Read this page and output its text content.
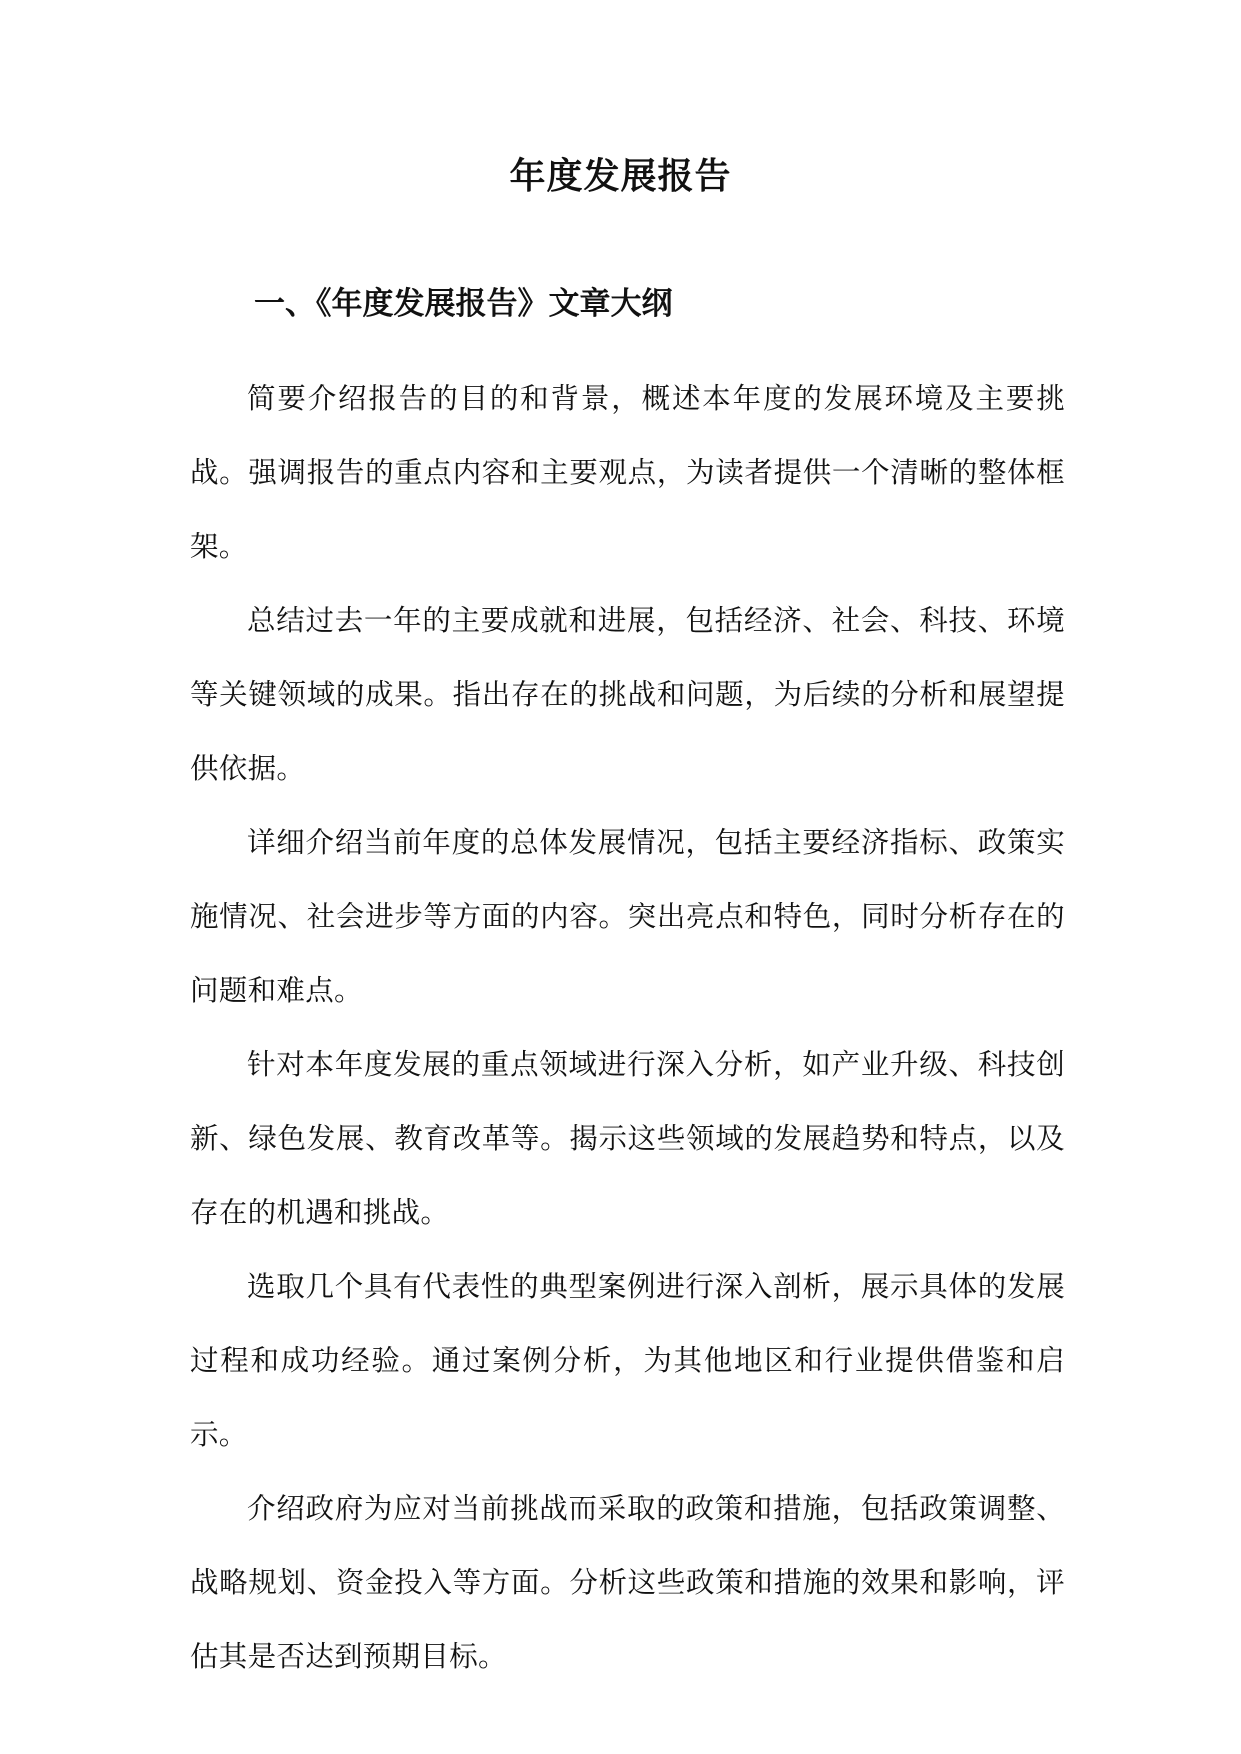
年度发展报告
一、《年度发展报告》文章大纲

简要介绍报告的目的和背景，概述本年度的发展环境及主要挑战。强调报告的重点内容和主要观点，为读者提供一个清晰的整体框架。

总结过去一年的主要成就和进展，包括经济、社会、科技、环境等关键领域的成果。指出存在的挑战和问题，为后续的分析和展望提供依据。

详细介绍当前年度的总体发展情况，包括主要经济指标、政策实施情况、社会进步等方面的内容。突出亮点和特色，同时分析存在的问题和难点。

针对本年度发展的重点领域进行深入分析，如产业升级、科技创新、绿色发展、教育改革等。揭示这些领域的发展趋势和特点，以及存在的机遇和挑战。

选取几个具有代表性的典型案例进行深入剖析，展示具体的发展过程和成功经验。通过案例分析，为其他地区和行业提供借鉴和启示。

介绍政府为应对当前挑战而采取的政策和措施，包括政策调整、战略规划、资金投入等方面。分析这些政策和措施的效果和影响，评估其是否达到预期目标。
